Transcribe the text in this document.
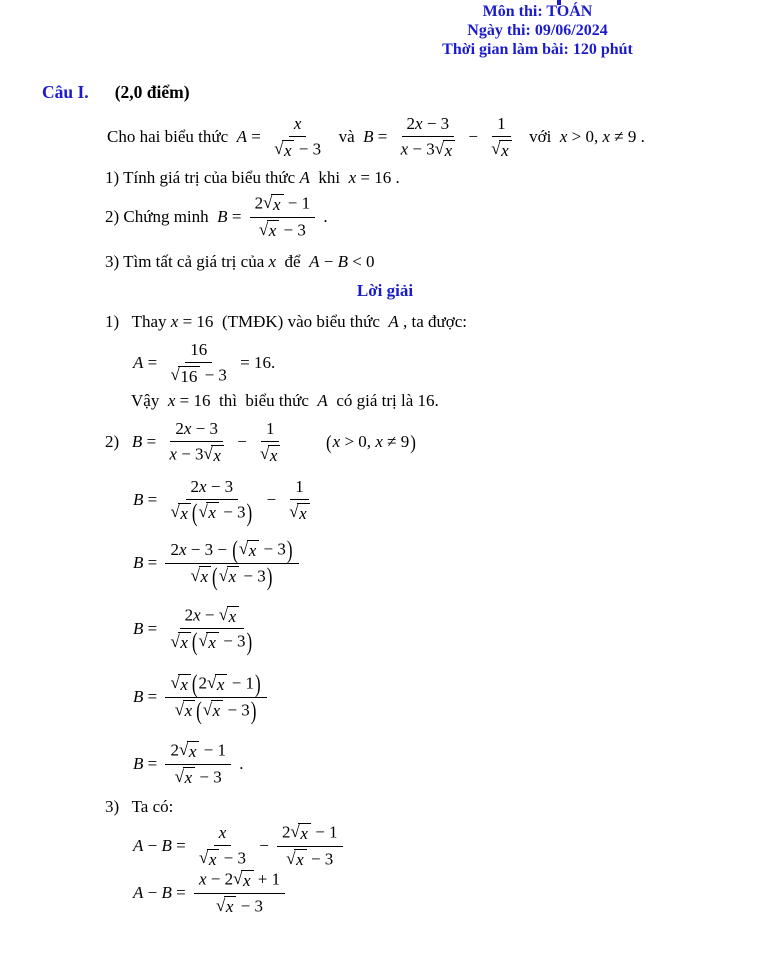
Môn thi: TOÁN
Ngày thi: 09/06/2024
Thời gian làm bài: 120 phút
Câu I. (2,0 điểm)
Cho hai biểu thức $A = \frac{x}{√ x - 3}$ và $B = \frac{2x - 3}{x - 3 √ x} - \frac{1}{√ x}$ với x > 0, x ≠ 9 .
1) Tính giá trị của biểu thức A khi x = 16 .
2) Chứng minh $B = \frac{2 √ x - 1}{√ x - 3}$ .
3) Tìm tất cả giá trị của x để A − B < 0
Lời giải
1)   Thay x = 16 (TMĐK) vào biểu thức A , ta được:
$A = \frac{16}{√ 16 - 3} = 16$.
Vậy x = 16 thì  biểu thức A có giá trị là 16.
( x > 0, x ≠ 9 )
2) $B = \frac{2x - 3}{x - 3 √ x} - \frac{1}{√ x}$
$B = \frac{2x - 3}{√ x ( √ x - 3 )} - \frac{1}{√ x}$
$B = \frac{2x - 3 - ( √ x - 3 )}{√ x ( √ x - 3 )}$
$B = \frac{2x - √ x}{√ x ( √ x - 3 )}$
$B = \frac{√ x ( 2 √ x - 1 )}{√ x ( √ x - 3 )}$
$B = \frac{2 √ x - 1}{√ x - 3}$ .
3)   Ta có:
$A - B = \frac{x}{√ x - 3} - \frac{2 √ x - 1}{√ x - 3}$
$A - B = \frac{x - 2 √ x + 1}{√ x - 3}$
